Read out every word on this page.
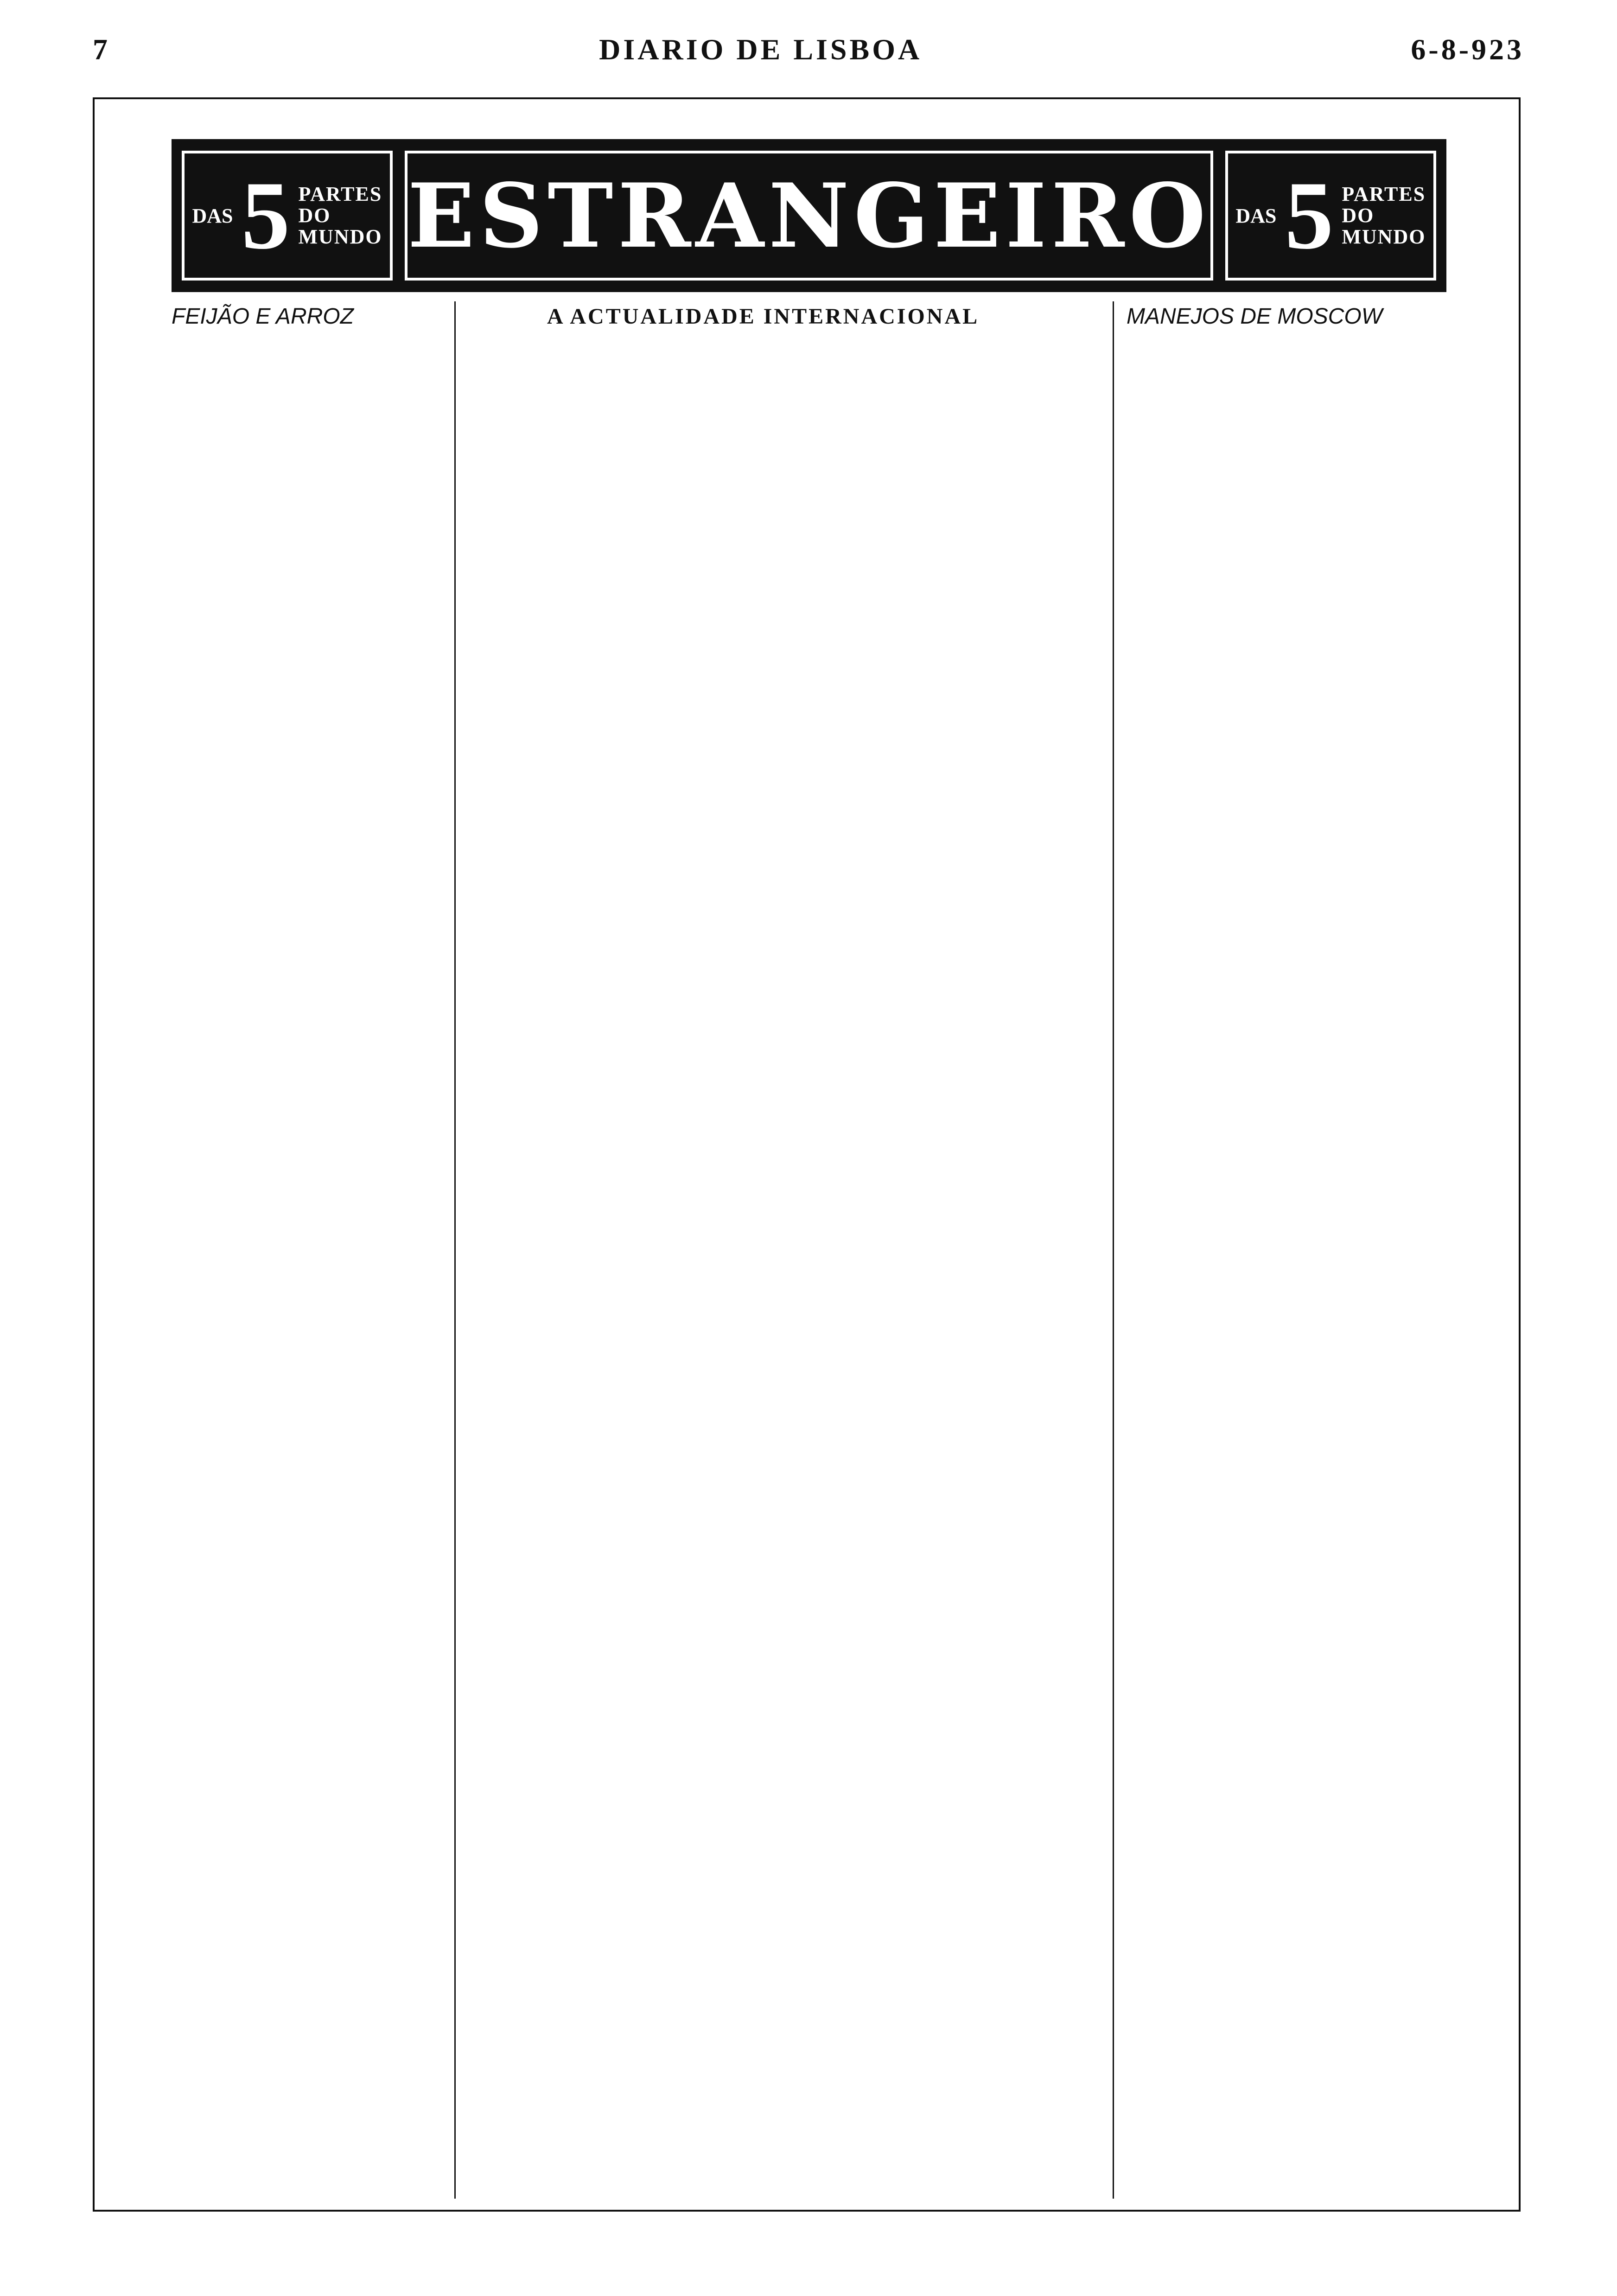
7	DIARIO DE LISBOA	6-8-923
DAS 5 PARTES
DO
MUNDO ESTRANGEIRO DAS 5 PARTES
DO
MUNDO
FEIJÃO E ARROZ	A ACTUALIDADE INTERNACIONAL	MANEJOS DE MOSCOW
